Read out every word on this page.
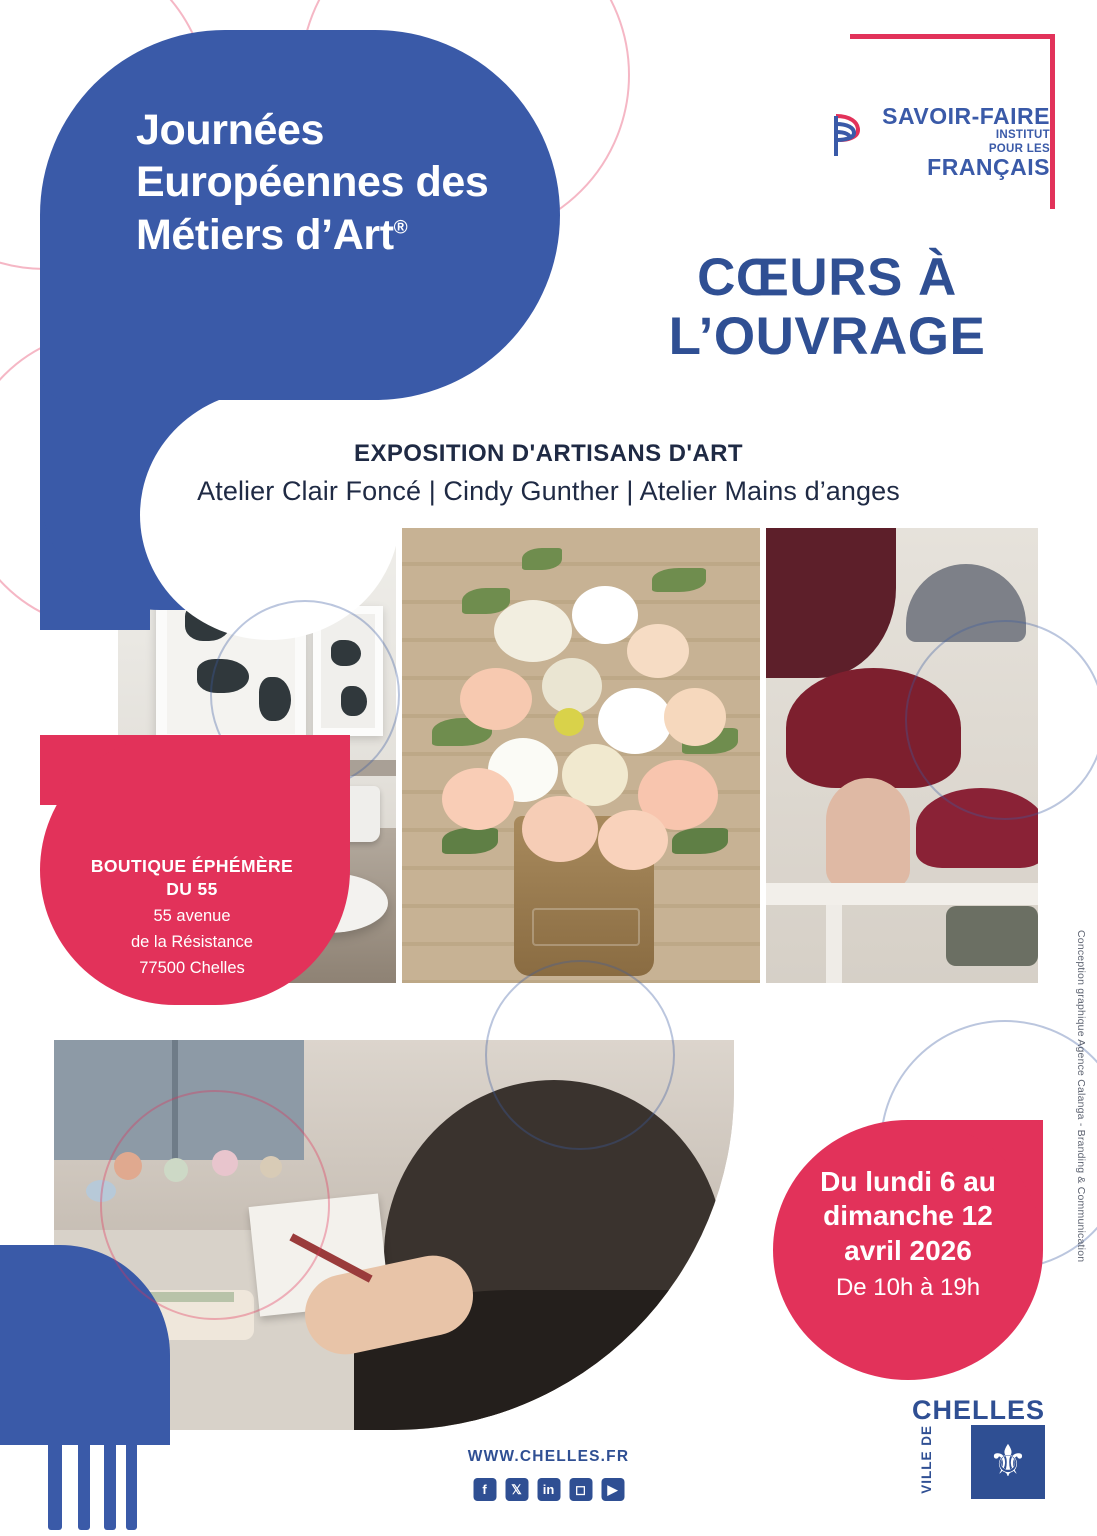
Journées Européennes des Métiers d’Art®
SAVOIR-FAIRE
INSTITUT
POUR LES
FRANÇAIS
CŒURS À L’OUVRAGE
EXPOSITION D'ARTISANS D'ART
Atelier Clair Foncé | Cindy Gunther | Atelier Mains d’anges
BOUTIQUE ÉPHÉMÈRE
DU 55
55 avenue
de la Résistance
77500 Chelles
Du lundi 6 au
dimanche 12
avril 2026
De 10h à 19h
Conception graphique Agence Calanga - Branding & Communication
WWW.CHELLES.FR
f	𝕏	in	◻	▶
CHELLES
VILLE DE ⚜
